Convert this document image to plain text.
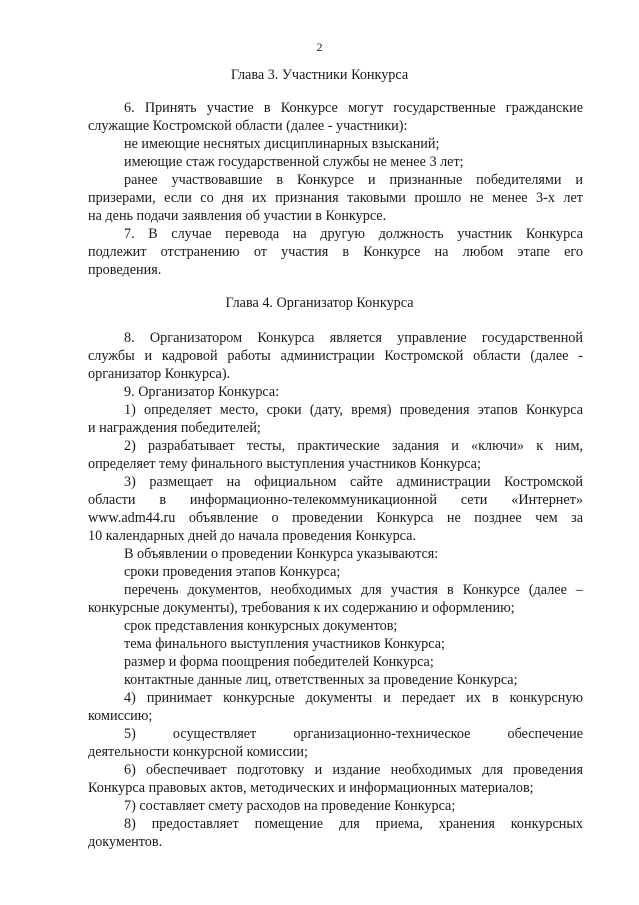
2
Глава 3. Участники Конкурса
6. Принять участие в Конкурсе могут государственные гражданские
служащие Костромской области (далее - участники):
не имеющие неснятых дисциплинарных взысканий;
имеющие стаж государственной службы не менее 3 лет;
ранее участвовавшие в Конкурсе и признанные победителями и
призерами, если со дня их признания таковыми прошло не менее 3-х лет
на день подачи заявления об участии в Конкурсе.
7. В случае перевода на другую должность участник Конкурса
подлежит отстранению от участия в Конкурсе на любом этапе его
проведения.
Глава 4. Организатор Конкурса
8. Организатором Конкурса является управление государственной
службы и кадровой работы администрации Костромской области (далее -
организатор Конкурса).
9. Организатор Конкурса:
1) определяет место, сроки (дату, время) проведения этапов Конкурса
и награждения победителей;
2) разрабатывает тесты, практические задания и «ключи» к ним,
определяет тему финального выступления участников Конкурса;
3) размещает на официальном сайте администрации Костромской
области в информационно-телекоммуникационной сети «Интернет»
www.adm44.ru объявление о проведении Конкурса не позднее чем за
10 календарных дней до начала проведения Конкурса.
В объявлении о проведении Конкурса указываются:
сроки проведения этапов Конкурса;
перечень документов, необходимых для участия в Конкурсе (далее –
конкурсные документы), требования к их содержанию и оформлению;
срок представления конкурсных документов;
тема финального выступления участников Конкурса;
размер и форма поощрения победителей Конкурса;
контактные данные лиц, ответственных за проведение Конкурса;
4) принимает конкурсные документы и передает их в конкурсную
комиссию;
5) осуществляет организационно-техническое обеспечение
деятельности конкурсной комиссии;
6) обеспечивает подготовку и издание необходимых для проведения
Конкурса правовых актов, методических и информационных материалов;
7) составляет смету расходов на проведение Конкурса;
8) предоставляет помещение для приема, хранения конкурсных
документов.
